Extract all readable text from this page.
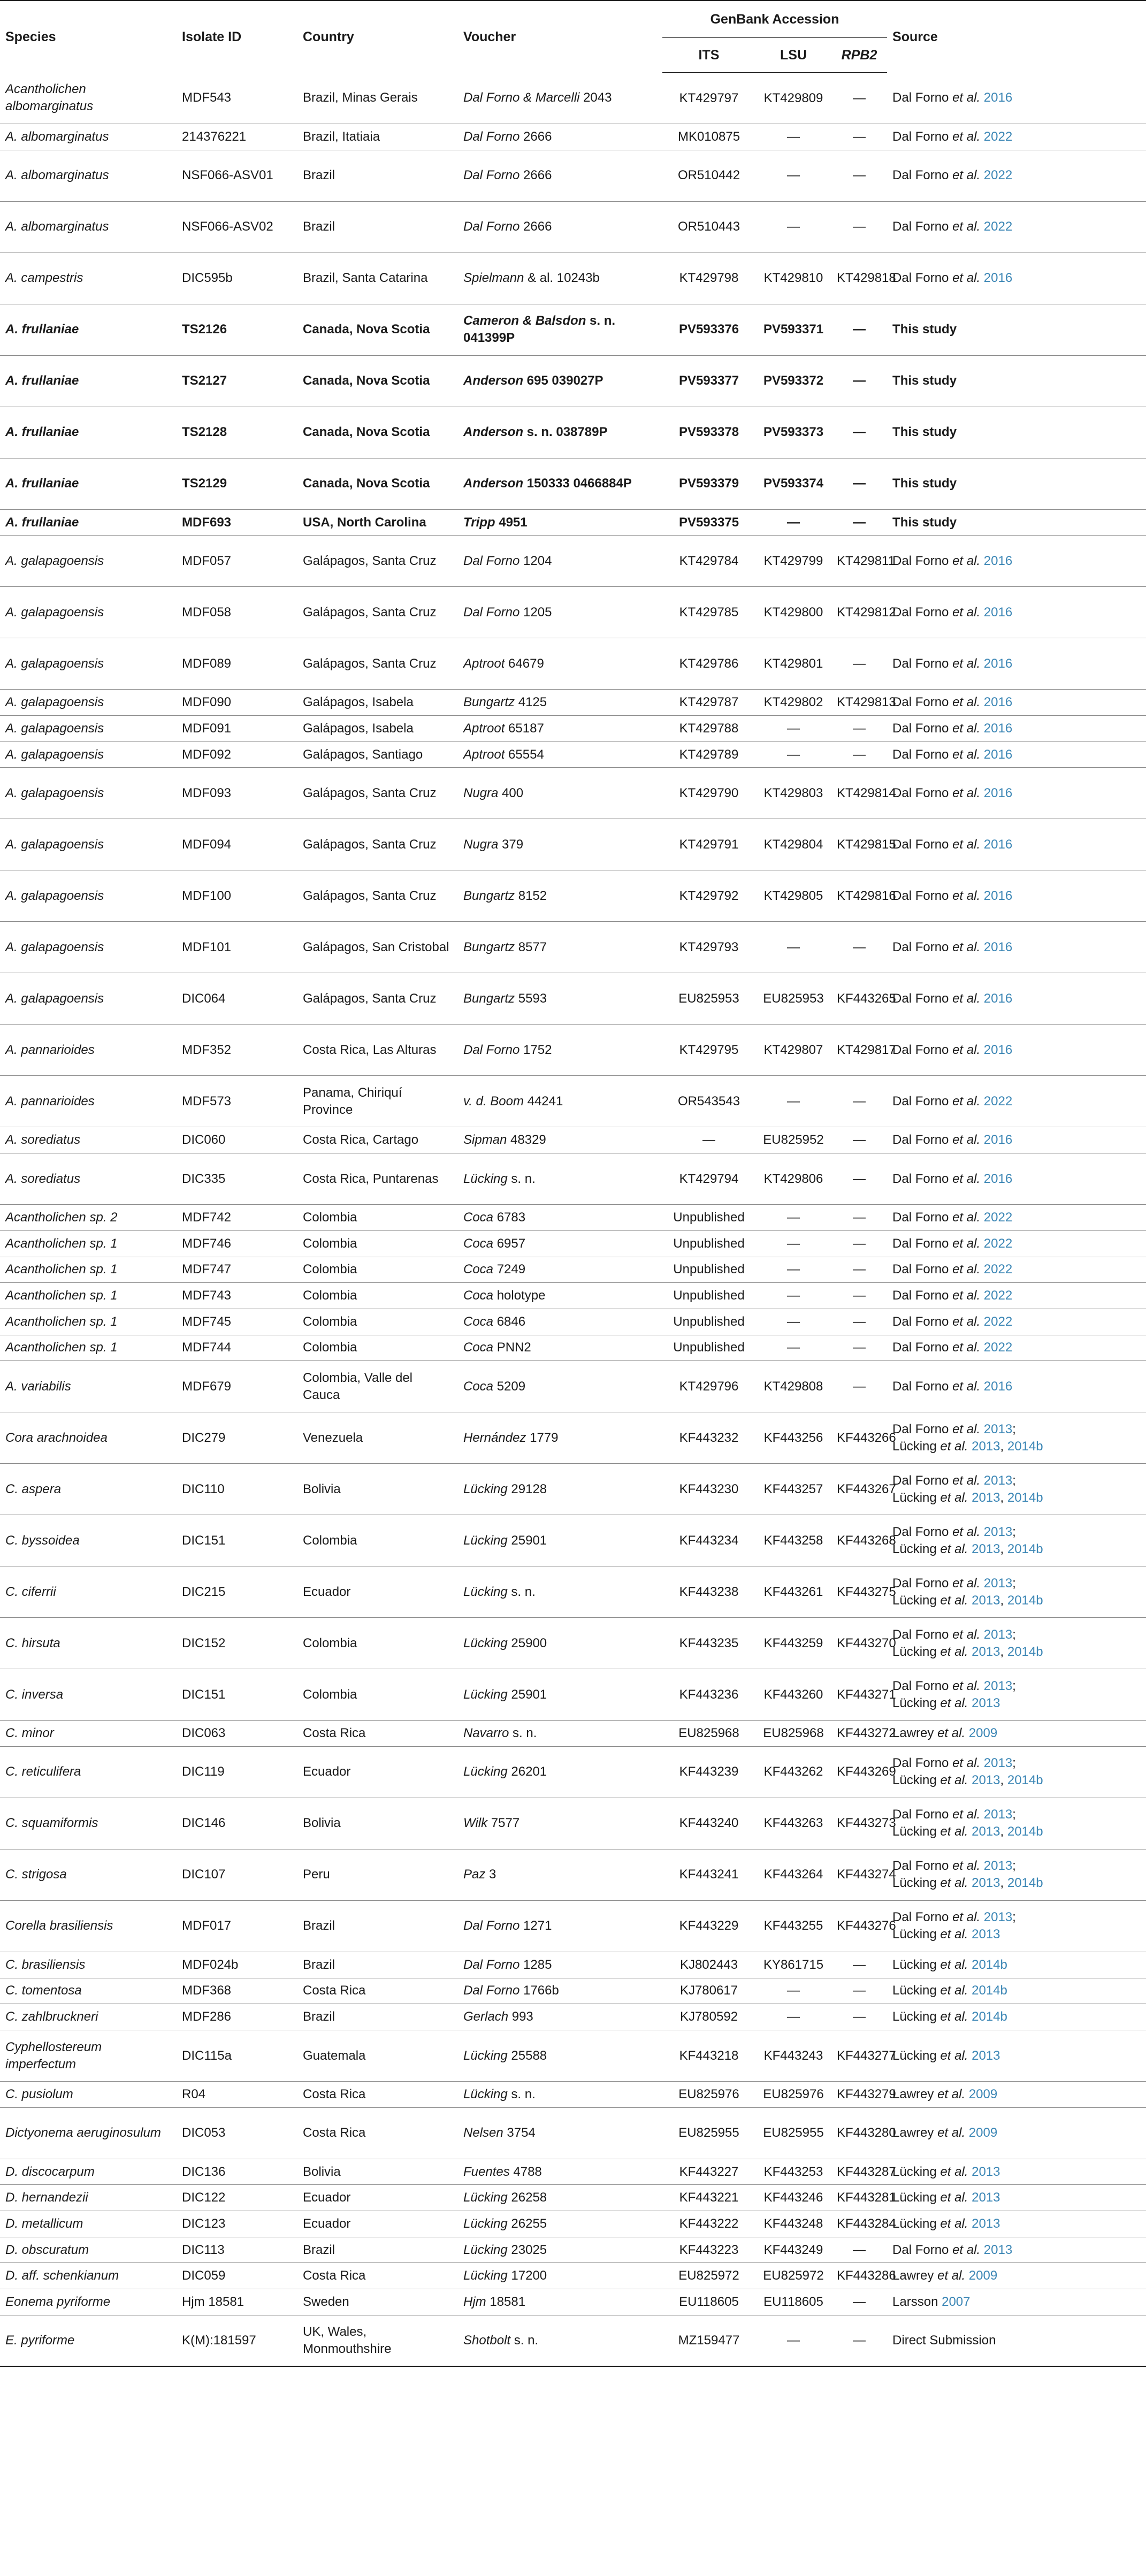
Species	Isolate ID	Country	Voucher	GenBank Accession			Source
				ITS	LSU	RPB2	
Acantholichen albomarginatus	MDF543	Brazil, Minas Gerais	Dal Forno & Marcelli 2043	KT429797	KT429809	—	Dal Forno et al. 2016
A. albomarginatus	214376221	Brazil, Itatiaia	Dal Forno 2666	MK010875	—	—	Dal Forno et al. 2022
A. albomarginatus	NSF066-ASV01	Brazil	Dal Forno 2666	OR510442	—	—	Dal Forno et al. 2022
A. albomarginatus	NSF066-ASV02	Brazil	Dal Forno 2666	OR510443	—	—	Dal Forno et al. 2022
A. campestris	DIC595b	Brazil, Santa Catarina	Spielmann & al. 10243b	KT429798	KT429810	KT429818	Dal Forno et al. 2016
A. frullaniae	TS2126	Canada, Nova Scotia	Cameron & Balsdon s. n. 041399P	PV593376	PV593371	—	This study
A. frullaniae	TS2127	Canada, Nova Scotia	Anderson 695 039027P	PV593377	PV593372	—	This study
A. frullaniae	TS2128	Canada, Nova Scotia	Anderson s. n. 038789P	PV593378	PV593373	—	This study
A. frullaniae	TS2129	Canada, Nova Scotia	Anderson 150333 0466884P	PV593379	PV593374	—	This study
A. frullaniae	MDF693	USA, North Carolina	Tripp 4951	PV593375	—	—	This study
A. galapagoensis	MDF057	Galápagos, Santa Cruz	Dal Forno 1204	KT429784	KT429799	KT429811	Dal Forno et al. 2016
A. galapagoensis	MDF058	Galápagos, Santa Cruz	Dal Forno 1205	KT429785	KT429800	KT429812	Dal Forno et al. 2016
A. galapagoensis	MDF089	Galápagos, Santa Cruz	Aptroot 64679	KT429786	KT429801	—	Dal Forno et al. 2016
A. galapagoensis	MDF090	Galápagos, Isabela	Bungartz 4125	KT429787	KT429802	KT429813	Dal Forno et al. 2016
A. galapagoensis	MDF091	Galápagos, Isabela	Aptroot 65187	KT429788	—	—	Dal Forno et al. 2016
A. galapagoensis	MDF092	Galápagos, Santiago	Aptroot 65554	KT429789	—	—	Dal Forno et al. 2016
A. galapagoensis	MDF093	Galápagos, Santa Cruz	Nugra 400	KT429790	KT429803	KT429814	Dal Forno et al. 2016
A. galapagoensis	MDF094	Galápagos, Santa Cruz	Nugra 379	KT429791	KT429804	KT429815	Dal Forno et al. 2016
A. galapagoensis	MDF100	Galápagos, Santa Cruz	Bungartz 8152	KT429792	KT429805	KT429816	Dal Forno et al. 2016
A. galapagoensis	MDF101	Galápagos, San Cristobal	Bungartz 8577	KT429793	—	—	Dal Forno et al. 2016
A. galapagoensis	DIC064	Galápagos, Santa Cruz	Bungartz 5593	EU825953	EU825953	KF443265	Dal Forno et al. 2016
A. pannarioides	MDF352	Costa Rica, Las Alturas	Dal Forno 1752	KT429795	KT429807	KT429817	Dal Forno et al. 2016
A. pannarioides	MDF573	Panama, Chiriquí Province	v. d. Boom 44241	OR543543	—	—	Dal Forno et al. 2022
A. sorediatus	DIC060	Costa Rica, Cartago	Sipman 48329	—	EU825952	—	Dal Forno et al. 2016
A. sorediatus	DIC335	Costa Rica, Puntarenas	Lücking s. n.	KT429794	KT429806	—	Dal Forno et al. 2016
Acantholichen sp. 2	MDF742	Colombia	Coca 6783	Unpublished	—	—	Dal Forno et al. 2022
Acantholichen sp. 1	MDF746	Colombia	Coca 6957	Unpublished	—	—	Dal Forno et al. 2022
Acantholichen sp. 1	MDF747	Colombia	Coca 7249	Unpublished	—	—	Dal Forno et al. 2022
Acantholichen sp. 1	MDF743	Colombia	Coca holotype	Unpublished	—	—	Dal Forno et al. 2022
Acantholichen sp. 1	MDF745	Colombia	Coca 6846	Unpublished	—	—	Dal Forno et al. 2022
Acantholichen sp. 1	MDF744	Colombia	Coca PNN2	Unpublished	—	—	Dal Forno et al. 2022
A. variabilis	MDF679	Colombia, Valle del Cauca	Coca 5209	KT429796	KT429808	—	Dal Forno et al. 2016
Cora arachnoidea	DIC279	Venezuela	Hernández 1779	KF443232	KF443256	KF443266	Dal Forno et al. 2013;
Lücking et al. 2013, 2014b
C. aspera	DIC110	Bolivia	Lücking 29128	KF443230	KF443257	KF443267	Dal Forno et al. 2013;
Lücking et al. 2013, 2014b
C. byssoidea	DIC151	Colombia	Lücking 25901	KF443234	KF443258	KF443268	Dal Forno et al. 2013;
Lücking et al. 2013, 2014b
C. ciferrii	DIC215	Ecuador	Lücking s. n.	KF443238	KF443261	KF443275	Dal Forno et al. 2013;
Lücking et al. 2013, 2014b
C. hirsuta	DIC152	Colombia	Lücking 25900	KF443235	KF443259	KF443270	Dal Forno et al. 2013;
Lücking et al. 2013, 2014b
C. inversa	DIC151	Colombia	Lücking 25901	KF443236	KF443260	KF443271	Dal Forno et al. 2013;
Lücking et al. 2013
C. minor	DIC063	Costa Rica	Navarro s. n.	EU825968	EU825968	KF443272	Lawrey et al. 2009
C. reticulifera	DIC119	Ecuador	Lücking 26201	KF443239	KF443262	KF443269	Dal Forno et al. 2013;
Lücking et al. 2013, 2014b
C. squamiformis	DIC146	Bolivia	Wilk 7577	KF443240	KF443263	KF443273	Dal Forno et al. 2013;
Lücking et al. 2013, 2014b
C. strigosa	DIC107	Peru	Paz 3	KF443241	KF443264	KF443274	Dal Forno et al. 2013;
Lücking et al. 2013, 2014b
Corella brasiliensis	MDF017	Brazil	Dal Forno 1271	KF443229	KF443255	KF443276	Dal Forno et al. 2013;
Lücking et al. 2013
C. brasiliensis	MDF024b	Brazil	Dal Forno 1285	KJ802443	KY861715	—	Lücking et al. 2014b
C. tomentosa	MDF368	Costa Rica	Dal Forno 1766b	KJ780617	—	—	Lücking et al. 2014b
C. zahlbruckneri	MDF286	Brazil	Gerlach 993	KJ780592	—	—	Lücking et al. 2014b
Cyphellostereum imperfectum	DIC115a	Guatemala	Lücking 25588	KF443218	KF443243	KF443277	Lücking et al. 2013
C. pusiolum	R04	Costa Rica	Lücking s. n.	EU825976	EU825976	KF443279	Lawrey et al. 2009
Dictyonema aeruginosulum	DIC053	Costa Rica	Nelsen 3754	EU825955	EU825955	KF443280	Lawrey et al. 2009
D. discocarpum	DIC136	Bolivia	Fuentes 4788	KF443227	KF443253	KF443287	Lücking et al. 2013
D. hernandezii	DIC122	Ecuador	Lücking 26258	KF443221	KF443246	KF443281	Lücking et al. 2013
D. metallicum	DIC123	Ecuador	Lücking 26255	KF443222	KF443248	KF443284	Lücking et al. 2013
D. obscuratum	DIC113	Brazil	Lücking 23025	KF443223	KF443249	—	Dal Forno et al. 2013
D. aff. schenkianum	DIC059	Costa Rica	Lücking 17200	EU825972	EU825972	KF443286	Lawrey et al. 2009
Eonema pyriforme	Hjm 18581	Sweden	Hjm 18581	EU118605	EU118605	—	Larsson 2007
E. pyriforme	K(M):181597	UK, Wales, Monmouthshire	Shotbolt s. n.	MZ159477	—	—	Direct Submission
